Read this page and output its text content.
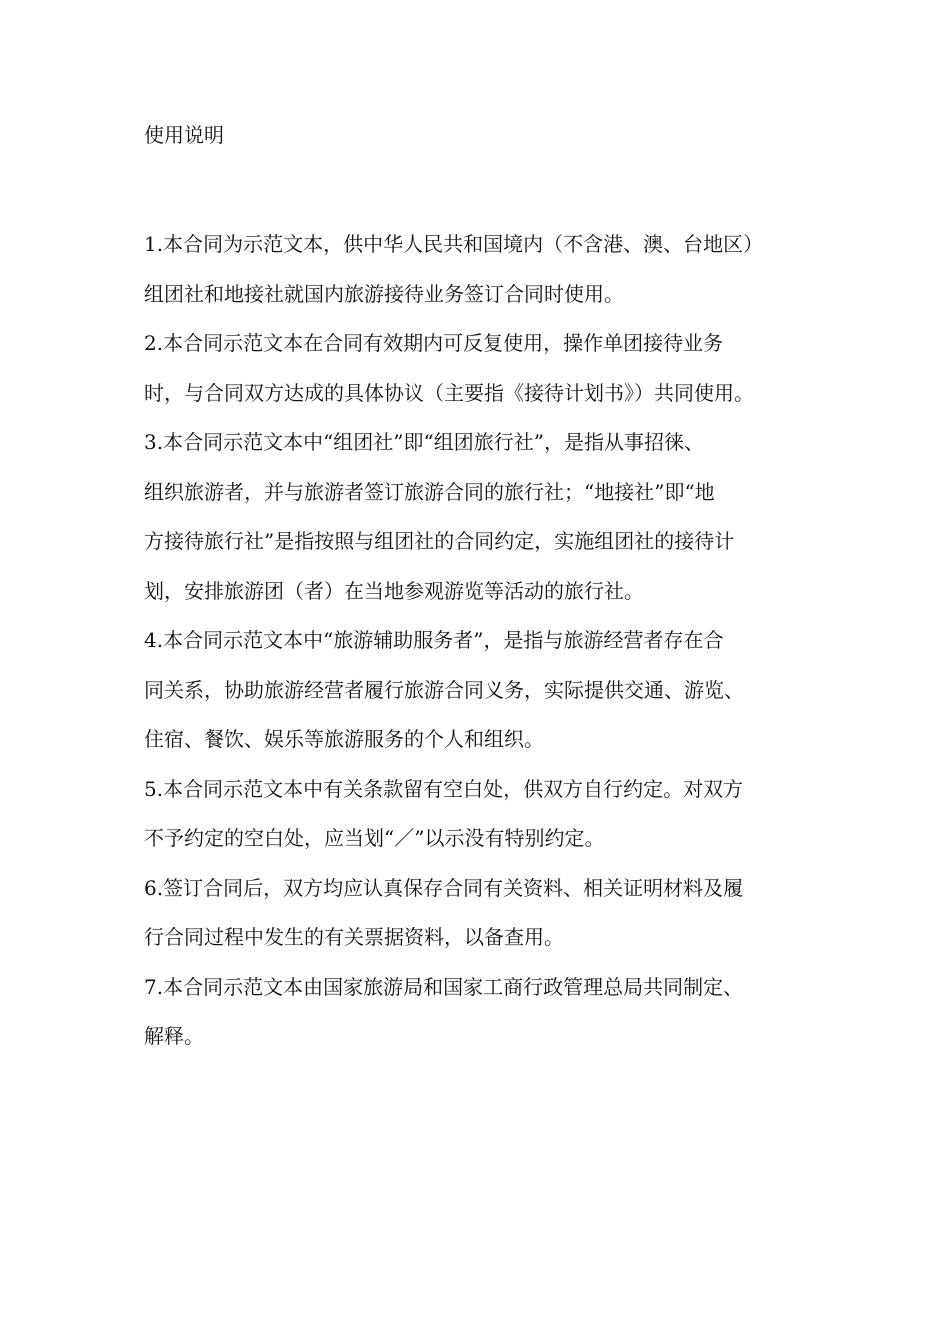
使用说明

1.本合同为示范文本，供中华人民共和国境内（不含港、澳、台地区）
组团社和地接社就国内旅游接待业务签订合同时使用。

2.本合同示范文本在合同有效期内可反复使用，操作单团接待业务
时，与合同双方达成的具体协议（主要指《接待计划书》）共同使用。

3.本合同示范文本中“组团社”即“组团旅行社”，是指从事招徕、
组织旅游者，并与旅游者签订旅游合同的旅行社；“地接社”即“地
方接待旅行社”是指按照与组团社的合同约定，实施组团社的接待计
划，安排旅游团（者）在当地参观游览等活动的旅行社。

4.本合同示范文本中“旅游辅助服务者”，是指与旅游经营者存在合
同关系，协助旅游经营者履行旅游合同义务，实际提供交通、游览、
住宿、餐饮、娱乐等旅游服务的个人和组织。

5.本合同示范文本中有关条款留有空白处，供双方自行约定。对双方
不予约定的空白处，应当划“／”以示没有特别约定。

6.签订合同后，双方均应认真保存合同有关资料、相关证明材料及履
行合同过程中发生的有关票据资料，以备查用。

7.本合同示范文本由国家旅游局和国家工商行政管理总局共同制定、
解释。
